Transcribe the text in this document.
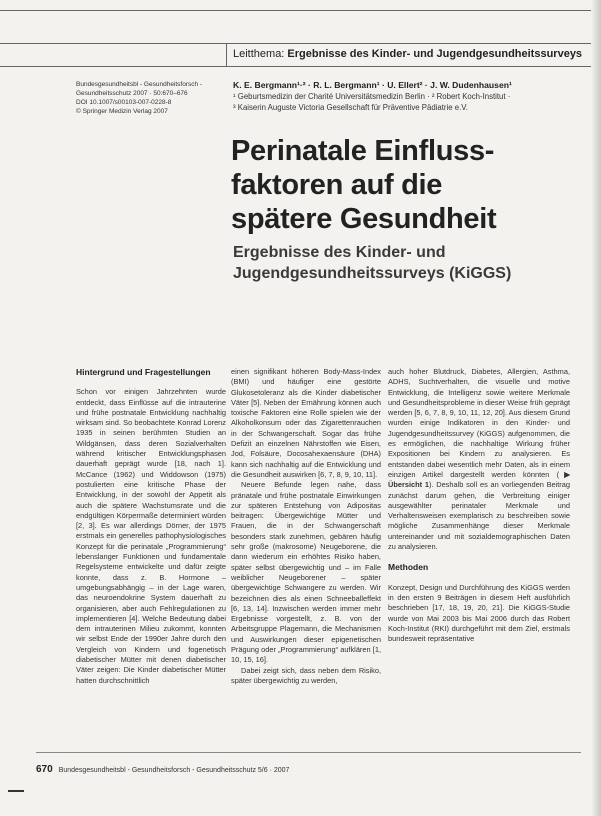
Leitthema: Ergebnisse des Kinder- und Jugendgesundheitssurveys
Bundesgesundheitsbl - Gesundheitsforsch -
Gesundheitsschutz 2007 · 50:670–676
DOI 10.1007/s00103-007-0228-8
© Springer Medizin Verlag 2007
K. E. Bergmann¹·² · R. L. Bergmann¹ · U. Ellert² · J. W. Dudenhausen¹
¹ Geburtsmedizin der Charité Universitätsmedizin Berlin · ² Robert Koch-Institut ·
³ Kaiserin Auguste Victoria Gesellschaft für Präventive Pädiatrie e.V.
Perinatale Einfluss-
faktoren auf die
spätere Gesundheit
Ergebnisse des Kinder- und
Jugendgesundheitssurveys (KiGGS)
Hintergrund und Fragestellungen

Schon vor einigen Jahrzehnten wurde entdeckt, dass Einflüsse auf die intrauterine und frühe postnatale Entwicklung nachhaltig wirksam sind. So beobachtete Konrad Lorenz 1935 in seinen berühmten Studien an Wildgänsen, dass deren Sozialverhalten während kritischer Entwicklungsphasen dauerhaft geprägt wurde [18, nach 1]. McCance (1962) und Widdowson (1975) postulierten eine kritische Phase der Entwicklung, in der sowohl der Appetit als auch die spätere Wachstumsrate und die endgültigen Körpermaße determiniert würden [2, 3]. Es war allerdings Dörner, der 1975 erstmals ein generelles pathophysiologisches Konzept für die perinatale „Programmierung“ lebenslanger Funktionen und fundamentale Regelsysteme entwickelte und dafür zeigte konnte, dass z. B. Hormone – umgebungsabhängig – in der Lage waren, das neuroendokrine System dauerhaft zu organisieren, aber auch Fehlregulationen zu implementieren [4]. Welche Bedeutung dabei dem intrauterinen Milieu zukommt, konnten wir selbst Ende der 1990er Jahre durch den Vergleich von Kindern und fogenetisch diabetischer Mütter mit denen diabetischer Väter zeigen: Die Kinder diabetischer Mütter hatten durchschnittlich

einen signifikant höheren Body-Mass-Index (BMI) und häufiger eine gestörte Glukosetoleranz als die Kinder diabetischer Väter [5]. Neben der Ernährung können auch toxische Faktoren eine Rolle spielen wie der Alkoholkonsum oder das Zigarettenrauchen in der Schwangerschaft. Sogar das frühe Defizit an einzelnen Nährstoffen wie Eisen, Jod, Folsäure, Docosahexaensäure (DHA) kann sich nachhaltig auf die Entwicklung und die Gesundheit auswirken [6, 7, 8, 9, 10, 11].

Neuere Befunde legen nahe, dass pränatale und frühe postnatale Einwirkungen zur späteren Entstehung von Adipositas beitragen: Übergewichtige Mütter und Frauen, die in der Schwangerschaft besonders stark zunehmen, gebären häufig sehr große (makrosome) Neugeborene, die dann wiederum ein erhöhtes Risiko haben, später selbst übergewichtig und – im Falle weiblicher Neugeborener – später übergewichtige Schwangere zu werden. Wir bezeichnen dies als einen Schneeballeffekt [6, 13, 14]. Inzwischen werden immer mehr Ergebnisse vorgestellt, z. B. von der Arbeitsgruppe Plagemann, die Mechanismen und Auswirkungen dieser epigenetischen Prägung oder „Programmierung“ aufklären [1, 10, 15, 16].

Dabei zeigt sich, dass neben dem Risiko, später übergewichtig zu werden,

auch hoher Blutdruck, Diabetes, Allergien, Asthma, ADHS, Suchtverhalten, die visuelle und motive Entwicklung, die Intelligenz sowie weitere Merkmale und Gesundheitsprobleme in dieser Weise früh geprägt werden [5, 6, 7, 8, 9, 10, 11, 12, 20]. Aus diesem Grund wurden einige Indikatoren in den Kinder- und Jugendgesundheitssurvey (KiGGS) aufgenommen, die es ermöglichen, die nachhaltige Wirkung früher Expositionen bei Kindern zu analysieren. Es entstanden dabei wesentlich mehr Daten, als in einem einzigen Artikel dargestellt werden könnten (▶ Übersicht 1). Deshalb soll es an vorliegenden Beitrag zunächst darum gehen, die Verbreitung einiger ausgewählter perinataler Merkmale und Verhaltensweisen exemplarisch zu beschreiben sowie mögliche Zusammenhänge dieser Merkmale untereinander und mit sozialdemographischen Daten zu analysieren.

Methoden

Konzept, Design und Durchführung des KiGGS werden in den ersten 9 Beiträgen in diesem Heft ausführlich beschrieben [17, 18, 19, 20, 21]. Die KiGGS-Studie wurde von Mai 2003 bis Mai 2006 durch das Robert Koch-Institut (RKI) durchgeführt mit dem Ziel, erstmals bundesweit repräsentative

670 Bundesgesundheitsbl - Gesundheitsforsch - Gesundheitsschutz 5/6 · 2007
